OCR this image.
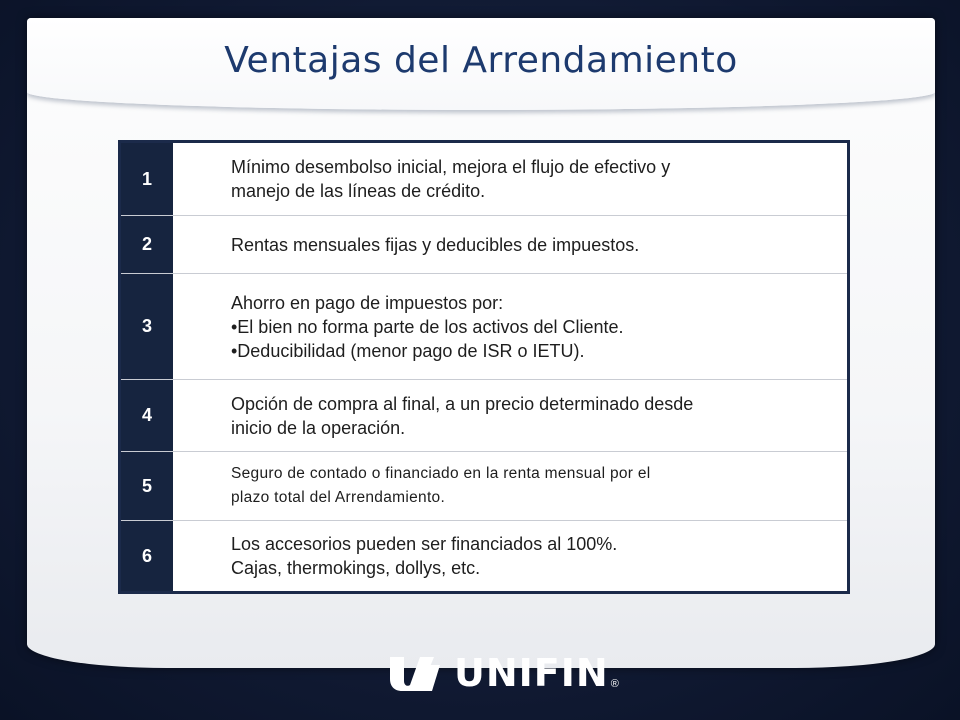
Ventajas del Arrendamiento
1
Mínimo desembolso inicial, mejora el flujo de efectivo y
manejo de las líneas de crédito.
2	Rentas mensuales fijas y deducibles de impuestos.
3
Ahorro en pago de impuestos por:
•El bien no forma parte de los activos del Cliente.
•Deducibilidad (menor pago de ISR o IETU).
4
Opción de compra al final, a un precio determinado desde
inicio de la operación.
5
Seguro de contado o financiado en la renta mensual por el
plazo total del Arrendamiento.
6
Los accesorios pueden ser financiados al 100%.
Cajas, thermokings, dollys, etc.
UNIFIN ®
